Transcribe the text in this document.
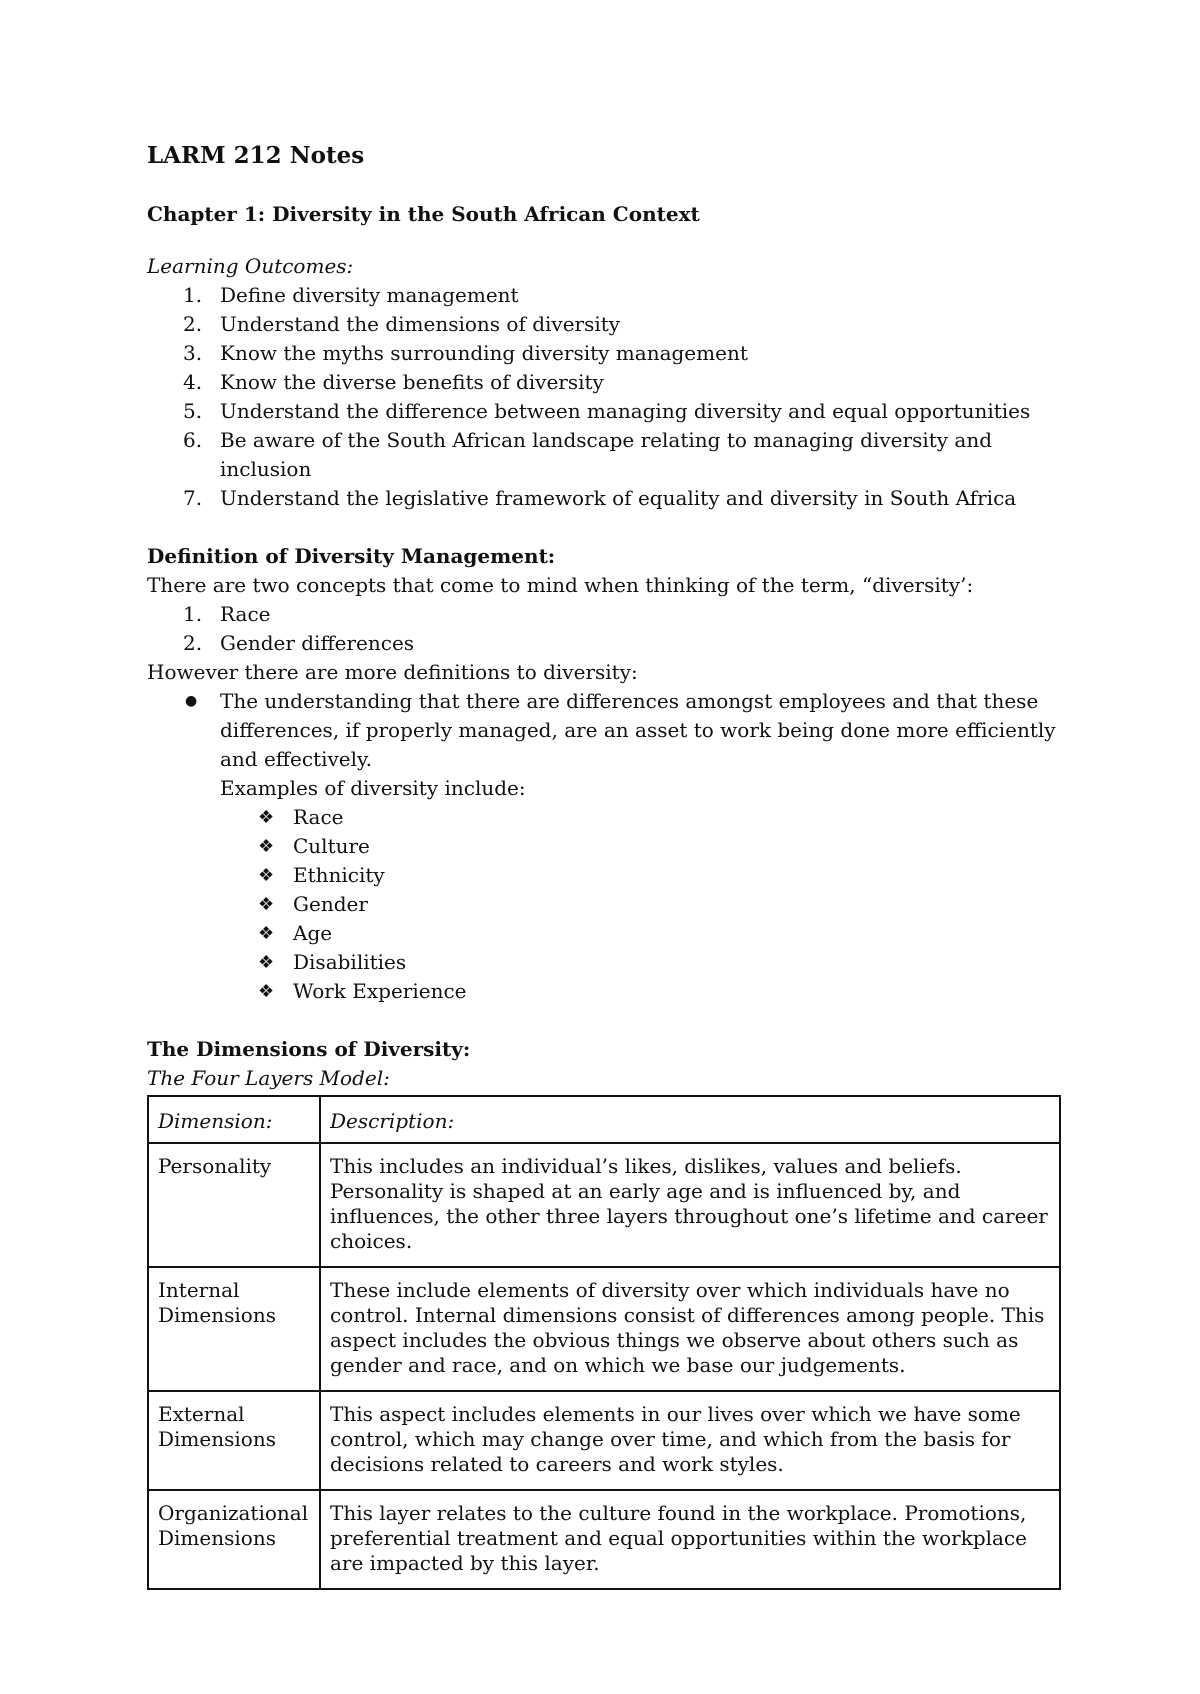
LARM 212 Notes
Chapter 1: Diversity in the South African Context

Learning Outcomes:

1. Define diversity management
2. Understand the dimensions of diversity
3. Know the myths surrounding diversity management
4. Know the diverse benefits of diversity
5. Understand the difference between managing diversity and equal opportunities
6. Be aware of the South African landscape relating to managing diversity and inclusion
7. Understand the legislative framework of equality and diversity in South Africa

Definition of Diversity Management:

There are two concepts that come to mind when thinking of the term, “diversity’:

1. Race
2. Gender differences

However there are more definitions to diversity:

● The understanding that there are differences amongst employees and that these differences, if properly managed, are an asset to work being done more efficiently and effectively.
Examples of diversity include:
❖ Race
❖ Culture
❖ Ethnicity
❖ Gender
❖ Age
❖ Disabilities
❖ Work Experience

The Dimensions of Diversity:

The Four Layers Model:

Dimension:	Description:
Personality	This includes an individual’s likes, dislikes, values and beliefs. Personality is shaped at an early age and is influenced by, and influences, the other three layers throughout one’s lifetime and career choices.
Internal Dimensions	These include elements of diversity over which individuals have no control. Internal dimensions consist of differences among people. This aspect includes the obvious things we observe about others such as gender and race, and on which we base our judgements.
External Dimensions	This aspect includes elements in our lives over which we have some control, which may change over time, and which from the basis for decisions related to careers and work styles.
Organizational Dimensions	This layer relates to the culture found in the workplace. Promotions, preferential treatment and equal opportunities within the workplace are impacted by this layer.
